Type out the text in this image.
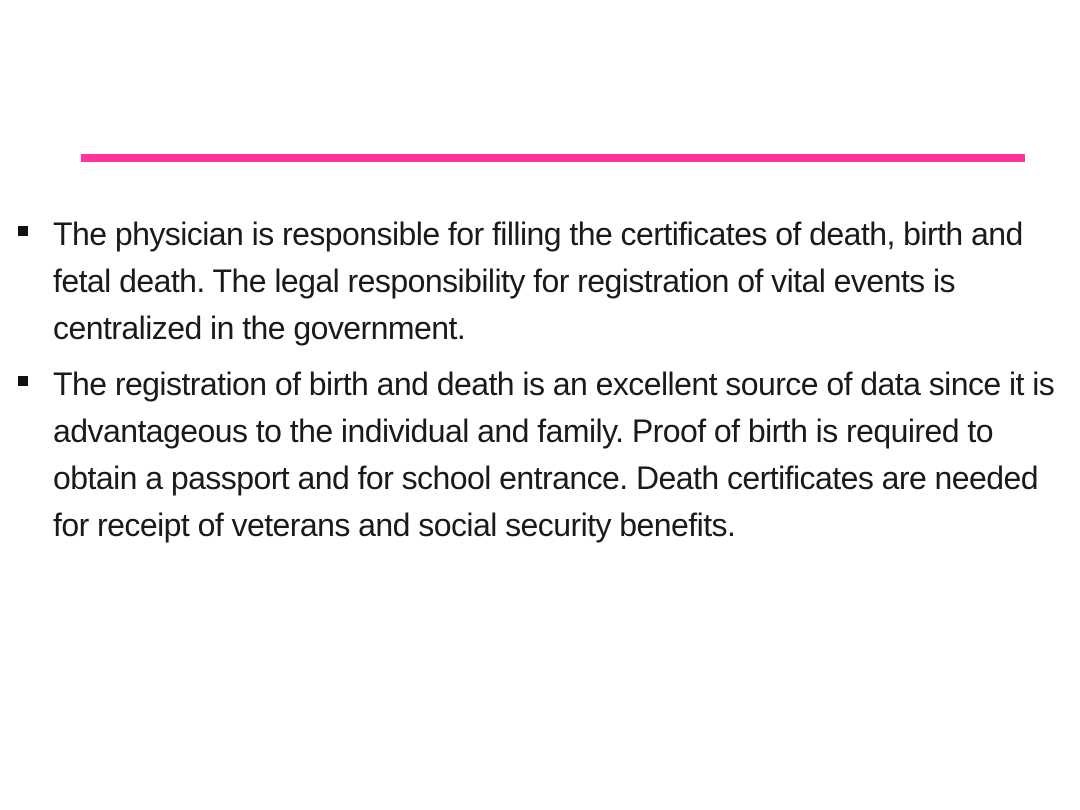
The physician is responsible for filling the certificates of death, birth and fetal death. The legal responsibility for registration of vital events is centralized in the government.
The registration of birth and death is an excellent source of data since it is advantageous to the individual and family. Proof of birth is required to obtain a passport and for school entrance. Death certificates are needed for receipt of veterans and social security benefits.
